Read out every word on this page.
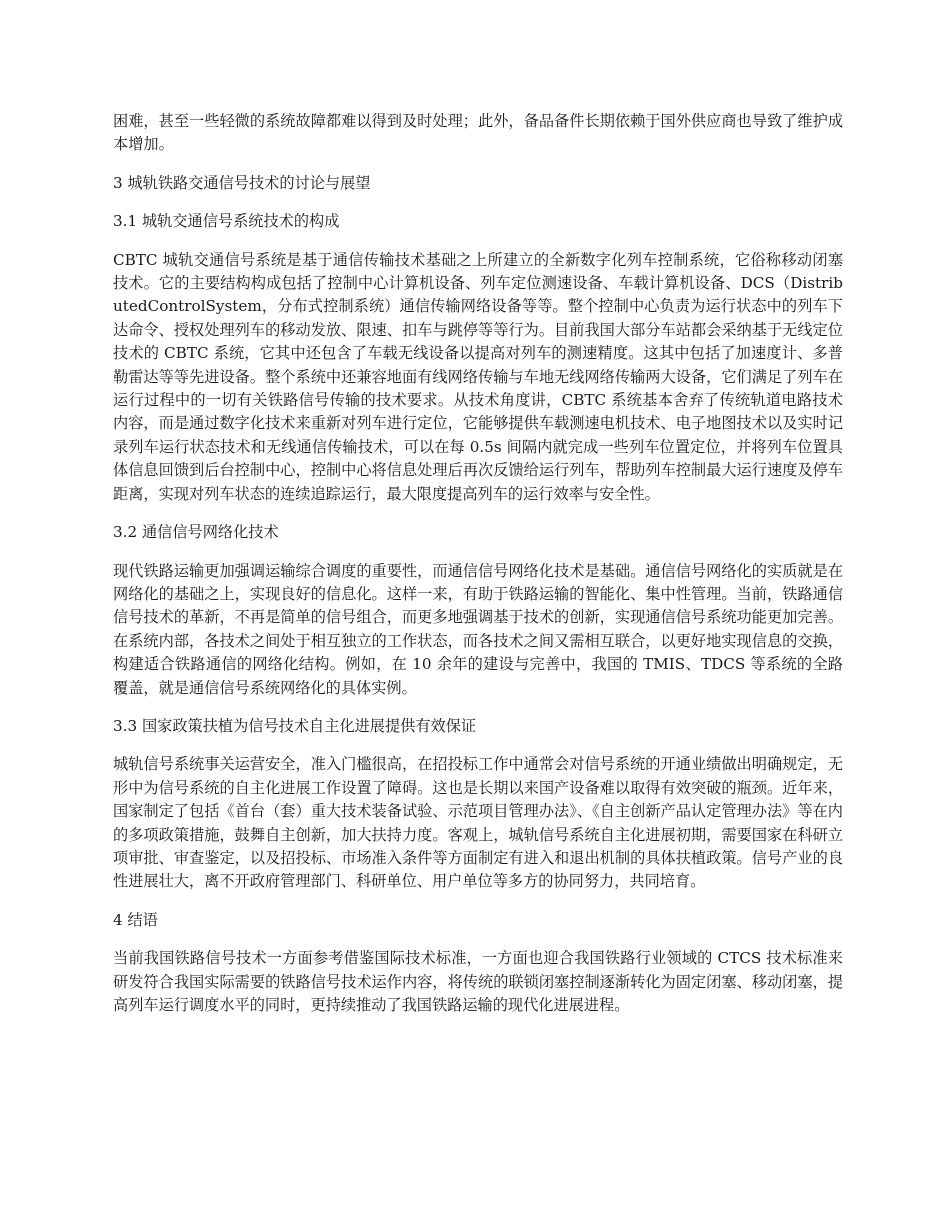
困难，甚至一些轻微的系统故障都难以得到及时处理；此外，备品备件长期依赖于国外供应商也导致了维护成本增加。

3 城轨铁路交通信号技术的讨论与展望

3.1 城轨交通信号系统技术的构成

CBTC 城轨交通信号系统是基于通信传输技术基础之上所建立的全新数字化列车控制系统，它俗称移动闭塞技术。它的主要结构构成包括了控制中心计算机设备、列车定位测速设备、车载计算机设备、DCS（DistributedControlSystem，分布式控制系统）通信传输网络设备等等。整个控制中心负责为运行状态中的列车下达命令、授权处理列车的移动发放、限速、扣车与跳停等等行为。目前我国大部分车站都会采纳基于无线定位技术的 CBTC 系统，它其中还包含了车载无线设备以提高对列车的测速精度。这其中包括了加速度计、多普勒雷达等等先进设备。整个系统中还兼容地面有线网络传输与车地无线网络传输两大设备，它们满足了列车在运行过程中的一切有关铁路信号传输的技术要求。从技术角度讲，CBTC 系统基本舍弃了传统轨道电路技术内容，而是通过数字化技术来重新对列车进行定位，它能够提供车载测速电机技术、电子地图技术以及实时记录列车运行状态技术和无线通信传输技术，可以在每 0.5s 间隔内就完成一些列车位置定位，并将列车位置具体信息回馈到后台控制中心，控制中心将信息处理后再次反馈给运行列车，帮助列车控制最大运行速度及停车距离，实现对列车状态的连续追踪运行，最大限度提高列车的运行效率与安全性。

3.2 通信信号网络化技术

现代铁路运输更加强调运输综合调度的重要性，而通信信号网络化技术是基础。通信信号网络化的实质就是在网络化的基础之上，实现良好的信息化。这样一来，有助于铁路运输的智能化、集中性管理。当前，铁路通信信号技术的革新，不再是简单的信号组合，而更多地强调基于技术的创新，实现通信信号系统功能更加完善。在系统内部，各技术之间处于相互独立的工作状态，而各技术之间又需相互联合，以更好地实现信息的交换，构建适合铁路通信的网络化结构。例如，在 10 余年的建设与完善中，我国的 TMIS、TDCS 等系统的全路覆盖，就是通信信号系统网络化的具体实例。

3.3 国家政策扶植为信号技术自主化进展提供有效保证

城轨信号系统事关运营安全，准入门槛很高，在招投标工作中通常会对信号系统的开通业绩做出明确规定，无形中为信号系统的自主化进展工作设置了障碍。这也是长期以来国产设备难以取得有效突破的瓶颈。近年来，国家制定了包括《首台（套）重大技术装备试验、示范项目管理办法》、《自主创新产品认定管理办法》等在内的多项政策措施，鼓舞自主创新，加大扶持力度。客观上，城轨信号系统自主化进展初期，需要国家在科研立项审批、审查鉴定，以及招投标、市场准入条件等方面制定有进入和退出机制的具体扶植政策。信号产业的良性进展壮大，离不开政府管理部门、科研单位、用户单位等多方的协同努力，共同培育。

4 结语

当前我国铁路信号技术一方面参考借鉴国际技术标准，一方面也迎合我国铁路行业领域的 CTCS 技术标准来研发符合我国实际需要的铁路信号技术运作内容，将传统的联锁闭塞控制逐渐转化为固定闭塞、移动闭塞，提高列车运行调度水平的同时，更持续推动了我国铁路运输的现代化进展进程。
